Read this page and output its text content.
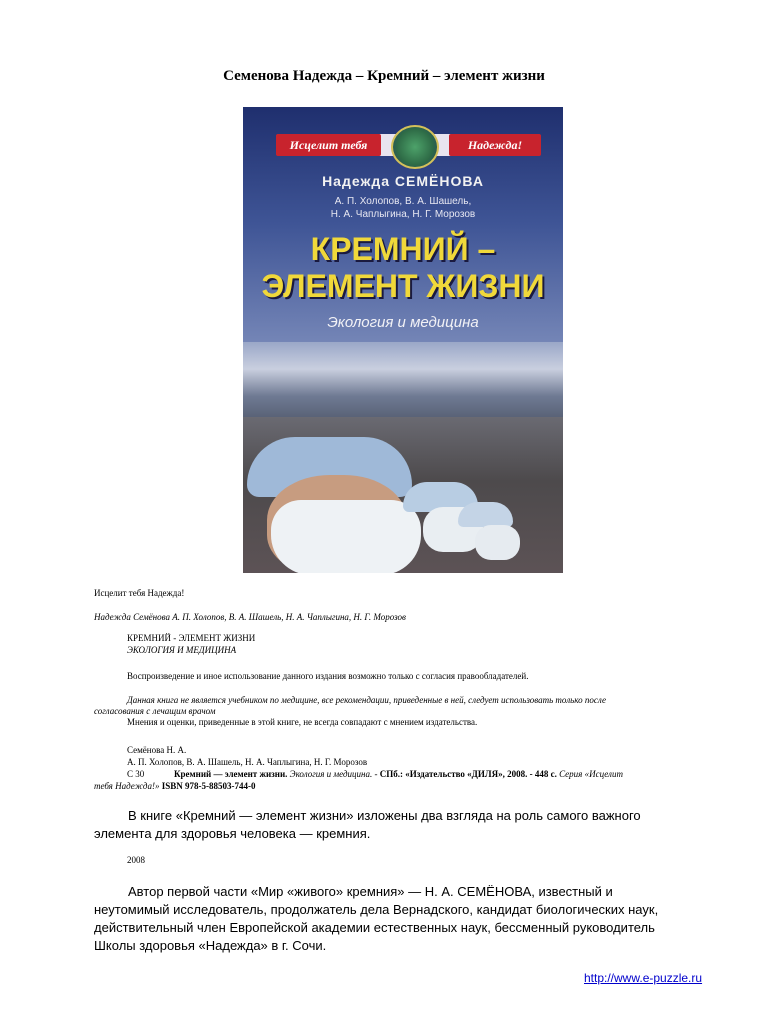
Семенова Надежда – Кремний – элемент жизни
Исцелит тебя	Надежда!
Надежда СЕМЁНОВА
А. П. Холопов, В. А. Шашель,
Н. А. Чаплыгина, Н. Г. Морозов
КРЕМНИЙ –
ЭЛЕМЕНТ ЖИЗНИ
Экология и медицина
Исцелит тебя Надежда!
Надежда Семёнова А. П. Холопов, В. А. Шашель, Н. А. Чаплыгина, Н. Г. Морозов
КРЕМНИЙ - ЭЛЕМЕНТ ЖИЗНИ
ЭКОЛОГИЯ И МЕДИЦИНА
Воспроизведение и иное использование данного издания возможно только с согласия правообладателей.
Данная книга не является учебником по медицине, все рекомендации, приведенные в ней, следует использовать только после
согласования с лечащим врачом
Мнения и оценки, приведенные в этой книге, не всегда совпадают с мнением издательства.
Семёнова Н. А.
А. П. Холопов, В. А. Шашель, Н. А. Чаплыгина, Н. Г. Морозов
С 30	Кремний — элемент жизни. Экология и медицина. - СПб.: «Издательство «ДИЛЯ», 2008. - 448 с. Серия «Исцелит
тебя Надежда!» ISBN 978-5-88503-744-0
В книге «Кремний — элемент жизни» изложены два взгляда на роль самого важного
элемента для здоровья человека — кремния.
2008
Автор первой части «Мир «живого» кремния» — Н. А. СЕМЁНОВА, известный и
неутомимый исследователь, продолжатель дела Вернадского, кандидат биологических наук,
действительный член Европейской академии естественных наук, бессменный руководитель
Школы здоровья «Надежда» в г. Сочи.
http://www.e-puzzle.ru
